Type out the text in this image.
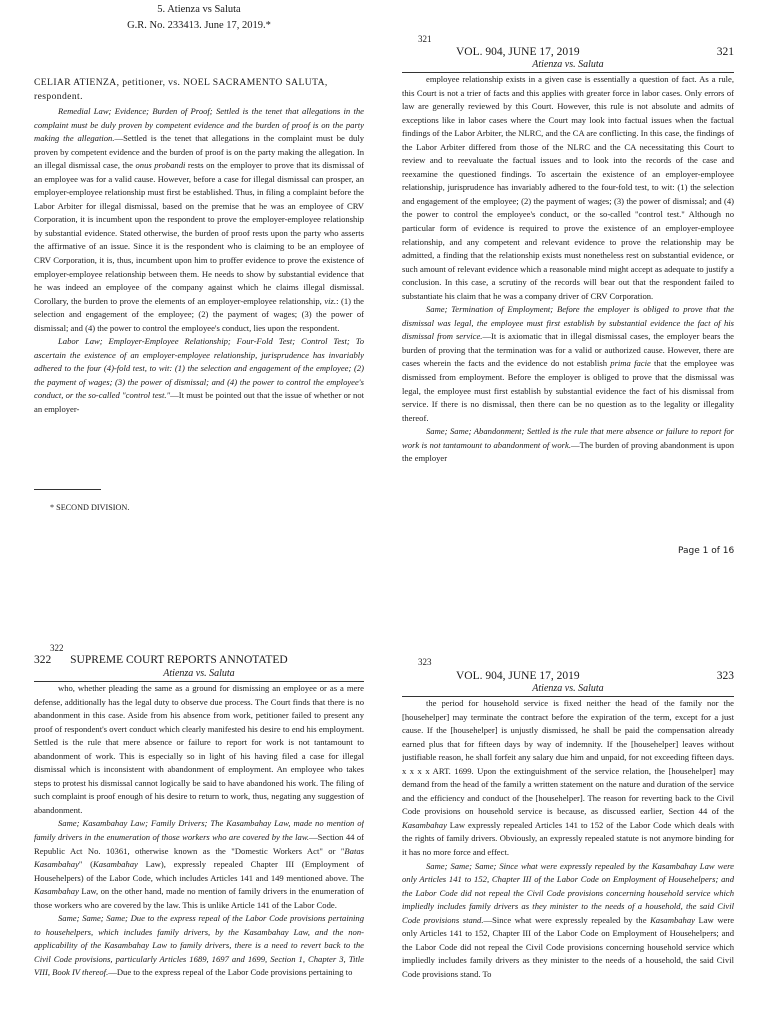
5. Atienza vs Saluta
G.R. No. 233413. June 17, 2019.*
CELIAR ATIENZA, petitioner, vs. NOEL SACRAMENTO SALUTA,
respondent.

Remedial Law; Evidence; Burden of Proof; Settled is the tenet that allegations in the complaint must be duly proven by competent evidence and the burden of proof is on the party making the allegation.—Settled is the tenet that allegations in the complaint must be duly proven by competent evidence and the burden of proof is on the party making the allegation. In an illegal dismissal case, the onus probandi rests on the employer to prove that its dismissal of an employee was for a valid cause. However, before a case for illegal dismissal can prosper, an employer-employee relationship must first be established. Thus, in filing a complaint before the Labor Arbiter for illegal dismissal, based on the premise that he was an employee of CRV Corporation, it is incumbent upon the respondent to prove the employer-employee relationship by substantial evidence. Stated otherwise, the burden of proof rests upon the party who asserts the affirmative of an issue. Since it is the respondent who is claiming to be an employee of CRV Corporation, it is, thus, incumbent upon him to proffer evidence to prove the existence of employer-employee relationship between them. He needs to show by substantial evidence that he was indeed an employee of the company against which he claims illegal dismissal. Corollary, the burden to prove the elements of an employer-employee relationship, viz.: (1) the selection and engagement of the employee; (2) the payment of wages; (3) the power of dismissal; and (4) the power to control the employee's conduct, lies upon the respondent.

Labor Law; Employer-Employee Relationship; Four-Fold Test; Control Test; To ascertain the existence of an employer-employee relationship, jurisprudence has invariably adhered to the four (4)-fold test, to wit: (1) the selection and engagement of the employee; (2) the payment of wages; (3) the power of dismissal; and (4) the power to control the employee's conduct, or the so-called "control test."—It must be pointed out that the issue of whether or not an employer-

* SECOND DIVISION.
321
VOL. 904, JUNE 17, 2019	321
Atienza vs. Saluta

employee relationship exists in a given case is essentially a question of fact. As a rule, this Court is not a trier of facts and this applies with greater force in labor cases. Only errors of law are generally reviewed by this Court. However, this rule is not absolute and admits of exceptions like in labor cases where the Court may look into factual issues when the factual findings of the Labor Arbiter, the NLRC, and the CA are conflicting. In this case, the findings of the Labor Arbiter differed from those of the NLRC and the CA necessitating this Court to review and to reevaluate the factual issues and to look into the records of the case and reexamine the questioned findings. To ascertain the existence of an employer-employee relationship, jurisprudence has invariably adhered to the four-fold test, to wit: (1) the selection and engagement of the employee; (2) the payment of wages; (3) the power of dismissal; and (4) the power to control the employee's conduct, or the so-called "control test." Although no particular form of evidence is required to prove the existence of an employer-employee relationship, and any competent and relevant evidence to prove the relationship may be admitted, a finding that the relationship exists must nonetheless rest on substantial evidence, or such amount of relevant evidence which a reasonable mind might accept as adequate to justify a conclusion. In this case, a scrutiny of the records will bear out that the respondent failed to substantiate his claim that he was a company driver of CRV Corporation.

Same; Termination of Employment; Before the employer is obliged to prove that the dismissal was legal, the employee must first establish by substantial evidence the fact of his dismissal from service.—It is axiomatic that in illegal dismissal cases, the employer bears the burden of proving that the termination was for a valid or authorized cause. However, there are cases wherein the facts and the evidence do not establish prima facie that the employee was dismissed from employment. Before the employer is obliged to prove that the dismissal was legal, the employee must first establish by substantial evidence the fact of his dismissal from service. If there is no dismissal, then there can be no question as to the legality or illegality thereof.

Same; Same; Abandonment; Settled is the rule that mere absence or failure to report for work is not tantamount to abandonment of work.—The burden of proving abandonment is upon the employer

Page 1 of 16
322
322 SUPREME COURT REPORTS ANNOTATED
Atienza vs. Saluta

who, whether pleading the same as a ground for dismissing an employee or as a mere defense, additionally has the legal duty to observe due process. The Court finds that there is no abandonment in this case. Aside from his absence from work, petitioner failed to present any proof of respondent's overt conduct which clearly manifested his desire to end his employment. Settled is the rule that mere absence or failure to report for work is not tantamount to abandonment of work. This is especially so in light of his having filed a case for illegal dismissal which is inconsistent with abandonment of employment. An employee who takes steps to protest his dismissal cannot logically be said to have abandoned his work. The filing of such complaint is proof enough of his desire to return to work, thus, negating any suggestion of abandonment.

Same; Kasambahay Law; Family Drivers; The Kasambahay Law, made no mention of family drivers in the enumeration of those workers who are covered by the law.—Section 44 of Republic Act No. 10361, otherwise known as the "Domestic Workers Act" or "Batas Kasambahay" (Kasambahay Law), expressly repealed Chapter III (Employment of Househelpers) of the Labor Code, which includes Articles 141 and 149 mentioned above. The Kasambahay Law, on the other hand, made no mention of family drivers in the enumeration of those workers who are covered by the law. This is unlike Article 141 of the Labor Code.

Same; Same; Same; Due to the express repeal of the Labor Code provisions pertaining to househelpers, which includes family drivers, by the Kasambahay Law, and the non-applicability of the Kasambahay Law to family drivers, there is a need to revert back to the Civil Code provisions, particularly Articles 1689, 1697 and 1699, Section 1, Chapter 3, Title VIII, Book IV thereof.—Due to the express repeal of the Labor Code provisions pertaining to

323
VOL. 904, JUNE 17, 2019	323
Atienza vs. Saluta

the period for household service is fixed neither the head of the family nor the [househelper] may terminate the contract before the expiration of the term, except for a just cause. If the [househelper] is unjustly dismissed, he shall be paid the compensation already earned plus that for fifteen days by way of indemnity. If the [househelper] leaves without justifiable reason, he shall forfeit any salary due him and unpaid, for not exceeding fifteen days. x x x x ART. 1699. Upon the extinguishment of the service relation, the [househelper] may demand from the head of the family a written statement on the nature and duration of the service and the efficiency and conduct of the [househelper]. The reason for reverting back to the Civil Code provisions on household service is because, as discussed earlier, Section 44 of the Kasambahay Law expressly repealed Articles 141 to 152 of the Labor Code which deals with the rights of family drivers. Obviously, an expressly repealed statute is not anymore binding for it has no more force and effect.

Same; Same; Same; Since what were expressly repealed by the Kasambahay Law were only Articles 141 to 152, Chapter III of the Labor Code on Employment of Househelpers; and the Labor Code did not repeal the Civil Code provisions concerning household service which impliedly includes family drivers as they minister to the needs of a household, the said Civil Code provisions stand.—Since what were expressly repealed by the Kasambahay Law were only Articles 141 to 152, Chapter III of the Labor Code on Employment of Househelpers; and the Labor Code did not repeal the Civil Code provisions concerning household service which impliedly includes family drivers as they minister to the needs of a household, the said Civil Code provisions stand. To
